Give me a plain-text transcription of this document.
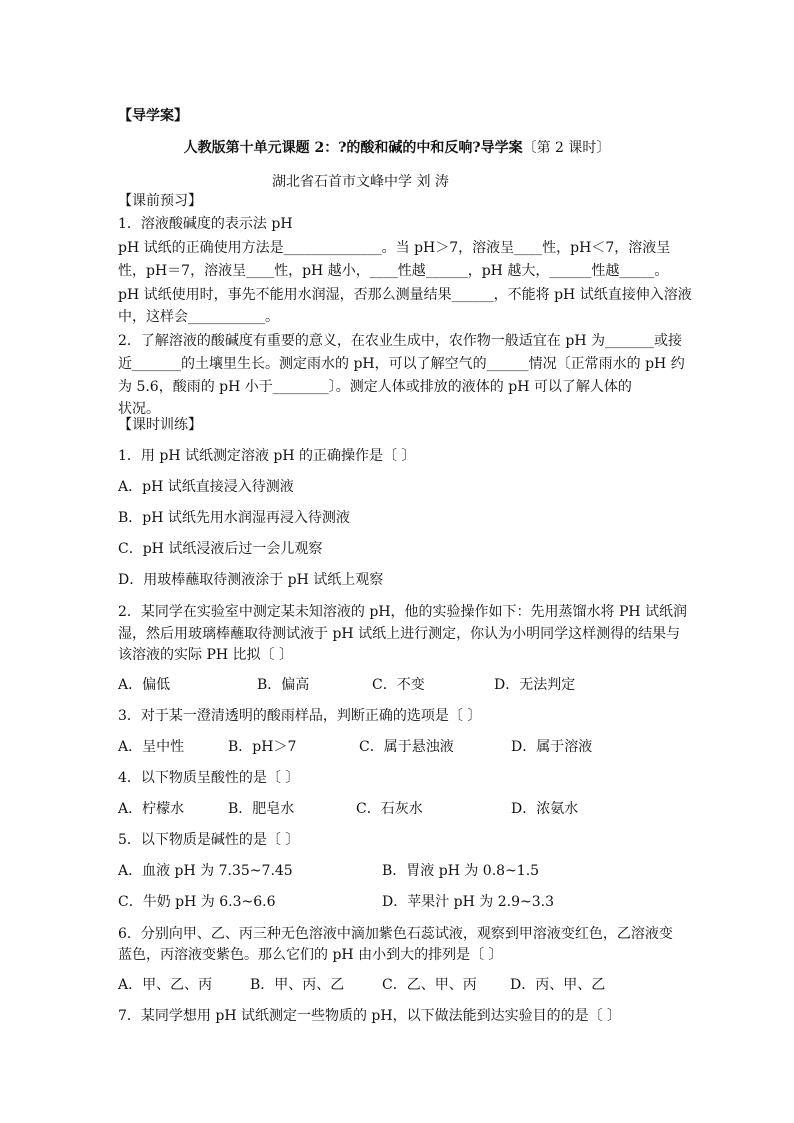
【导学案】
人教版第十单元课题 2：?的酸和碱的中和反响?导学案〔第 2 课时〕
湖北省石首市文峰中学 刘 涛
【课前预习】
1．溶液酸碱度的表示法 pH
pH 试纸的正确使用方法是______________。当 pH＞7，溶液呈____性，pH＜7，溶液呈
性，pH＝7，溶液呈____性，pH 越小，____性越______，pH 越大，______性越_____。
pH 试纸使用时，事先不能用水润湿，否那么测量结果______，不能将 pH 试纸直接伸入溶液
中，这样会___________。
2．了解溶液的酸碱度有重要的意义，在农业生成中，农作物一般适宜在 pH 为_______或接
近_______的土壤里生长。测定雨水的 pH，可以了解空气的______情况〔正常雨水的 pH 约
为 5.6，酸雨的 pH 小于________〕。测定人体或排放的液体的 pH 可以了解人体的
状况。
【课时训练】
1．用 pH 试纸测定溶液 pH 的正确操作是〔 〕
A．pH 试纸直接浸入待测液
B．pH 试纸先用水润湿再浸入待测液
C．pH 试纸浸液后过一会儿观察
D．用玻棒蘸取待测液涂于 pH 试纸上观察
2．某同学在实验室中测定某未知溶液的 pH，他的实验操作如下：先用蒸馏水将 PH 试纸润
湿，然后用玻璃棒蘸取待测试液于 pH 试纸上进行测定，你认为小明同学这样测得的结果与
该溶液的实际 PH 比拟〔 〕
A．偏低	B．偏高	C．不变	D．无法判定
3．对于某一澄清透明的酸雨样品，判断正确的选项是〔 〕
A．呈中性	B．pH＞7	C．属于悬浊液	D．属于溶液
4．以下物质呈酸性的是〔 〕
A．柠檬水	B．肥皂水	C．石灰水	D．浓氨水
5．以下物质是碱性的是〔 〕
A．血液 pH 为 7.35~7.45	B．胃液 pH 为 0.8~1.5
C．牛奶 pH 为 6.3~6.6	D．苹果汁 pH 为 2.9~3.3
6．分别向甲、乙、丙三种无色溶液中滴加紫色石蕊试液，观察到甲溶液变红色，乙溶液变
蓝色，丙溶液变紫色。那么它们的 pH 由小到大的排列是〔 〕
A．甲、乙、丙	B．甲、丙、乙	C．乙、甲、丙 D．丙、甲、乙
7．某同学想用 pH 试纸测定一些物质的 pH，以下做法能到达实验目的的是〔 〕
